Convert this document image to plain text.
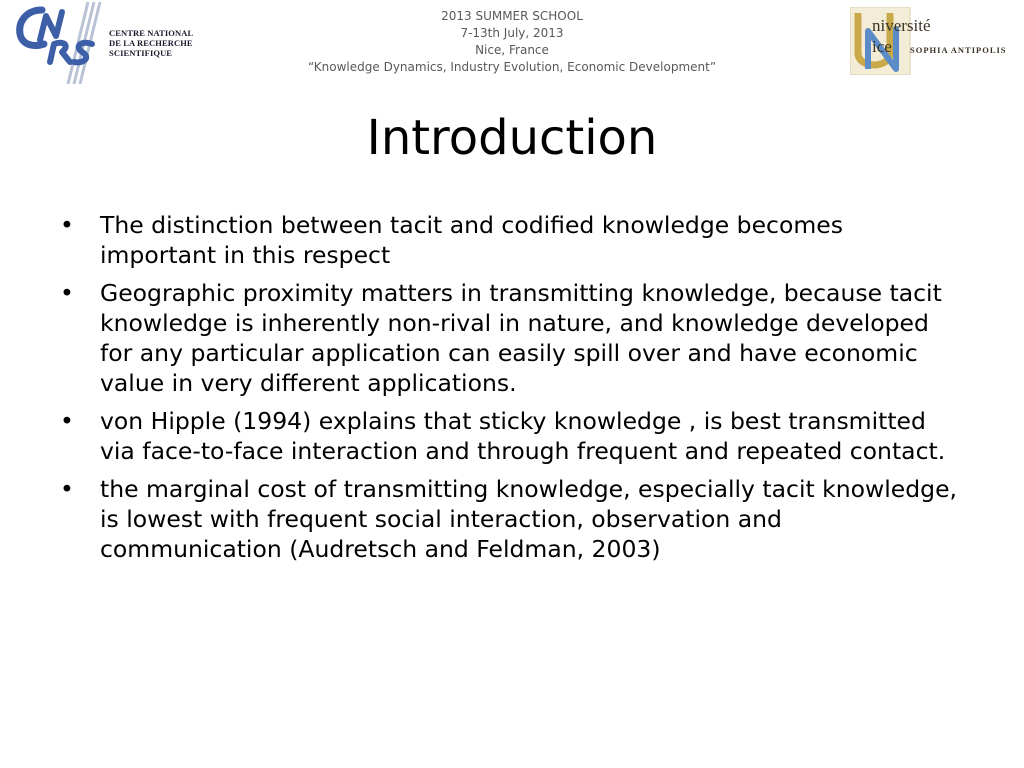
CENTRE NATIONAL
DE LA RECHERCHE
SCIENTIFIQUE
2013 SUMMER SCHOOL
7-13th July, 2013
Nice, France
“Knowledge Dynamics, Industry Evolution, Economic Development”
niversité
ice SOPHIA ANTIPOLIS
Introduction
• The distinction between tacit and codified knowledge becomes important in this respect
• Geographic proximity matters in transmitting knowledge, because tacit knowledge is inherently non-rival in nature, and knowledge developed for any particular application can easily spill over and have economic value in very different applications.
• von Hipple (1994) explains that sticky knowledge , is best transmitted via face-to-face interaction and through frequent and repeated contact.
• the marginal cost of transmitting knowledge, especially tacit knowledge, is lowest with frequent social interaction, observation and communication (Audretsch and Feldman, 2003)
